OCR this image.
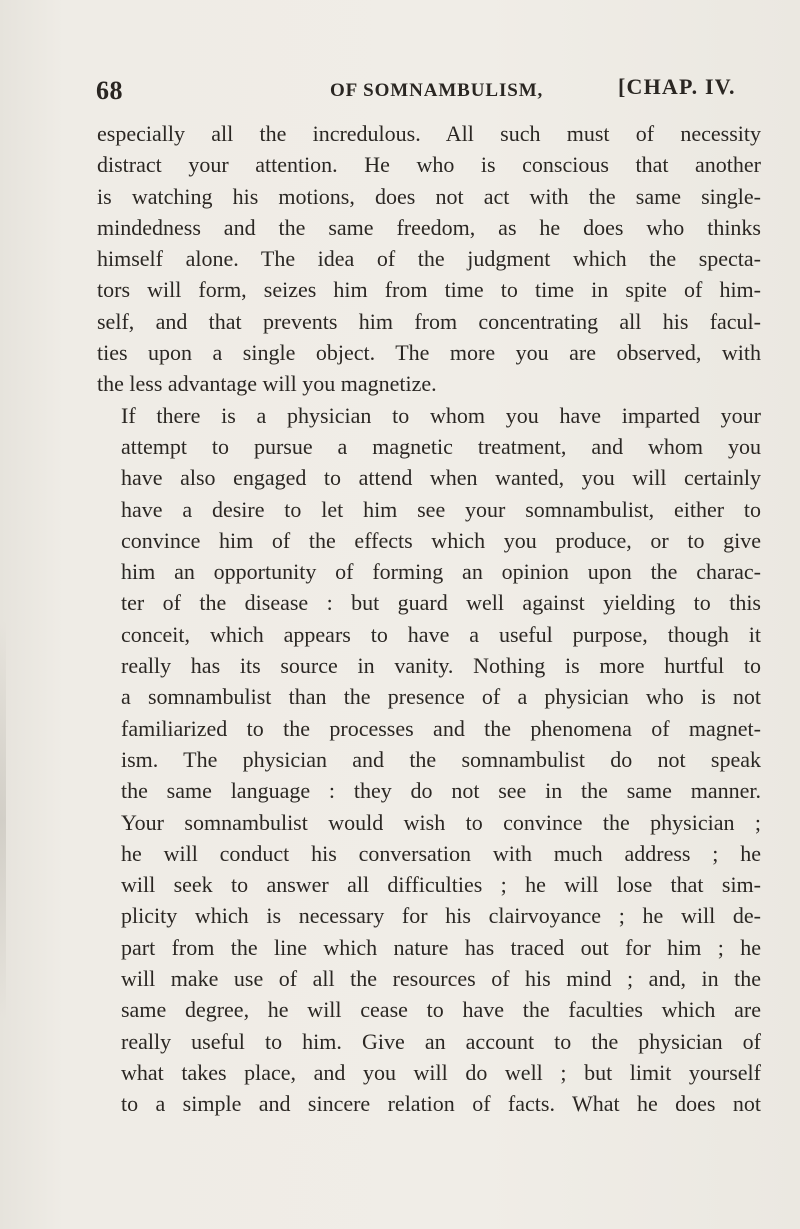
68	OF SOMNAMBULISM,	[CHAP. IV.
especially all the incredulous. All such must of necessity
distract your attention. He who is conscious that another
is watching his motions, does not act with the same single-
mindedness and the same freedom, as he does who thinks
himself alone. The idea of the judgment which the specta-
tors will form, seizes him from time to time in spite of him-
self, and that prevents him from concentrating all his facul-
ties upon a single object. The more you are observed, with
the less advantage will you magnetize.
If there is a physician to whom you have imparted your
attempt to pursue a magnetic treatment, and whom you
have also engaged to attend when wanted, you will certainly
have a desire to let him see your somnambulist, either to
convince him of the effects which you produce, or to give
him an opportunity of forming an opinion upon the charac-
ter of the disease : but guard well against yielding to this
conceit, which appears to have a useful purpose, though it
really has its source in vanity. Nothing is more hurtful to
a somnambulist than the presence of a physician who is not
familiarized to the processes and the phenomena of magnet-
ism. The physician and the somnambulist do not speak
the same language : they do not see in the same manner.
Your somnambulist would wish to convince the physician ;
he will conduct his conversation with much address ; he
will seek to answer all difficulties ; he will lose that sim-
plicity which is necessary for his clairvoyance ; he will de-
part from the line which nature has traced out for him ; he
will make use of all the resources of his mind ; and, in the
same degree, he will cease to have the faculties which are
really useful to him. Give an account to the physician of
what takes place, and you will do well ; but limit yourself
to a simple and sincere relation of facts. What he does not
